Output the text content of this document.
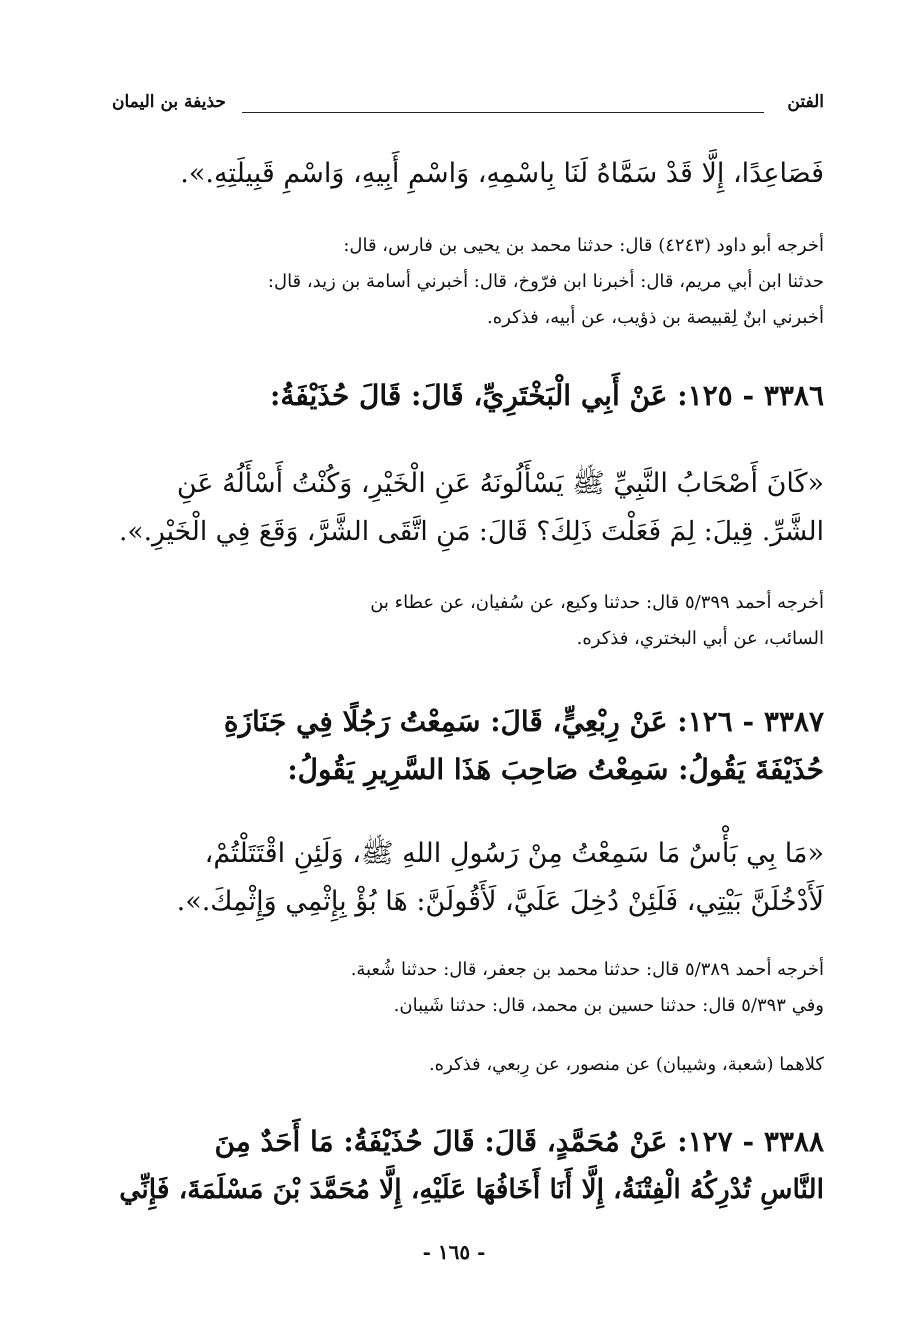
الفتن
حذيفة بن اليمان
فَصَاعِدًا، إِلَّا قَدْ سَمَّاهُ لَنَا بِاسْمِهِ، وَاسْمِ أَبِيهِ، وَاسْمِ قَبِيلَتِهِ.».
أخرجه أبو داود (٤٢٤٣) قال: حدثنا محمد بن يحيى بن فارس، قال:
حدثنا ابن أبي مريم، قال: أخبرنا ابن فرّوخ، قال: أخبرني أسامة بن زيد، قال:
أخبرني ابنٌ لِقبيصة بن ذؤيب، عن أبيه، فذكره.
٣٣٨٦ - ١٢٥: عَنْ أَبِي الْبَخْتَرِيِّ، قَالَ: قَالَ حُذَيْفَةُ:
«كَانَ أَصْحَابُ النَّبِيِّ ﷺ يَسْأَلُونَهُ عَنِ الْخَيْرِ، وَكُنْتُ أَسْأَلُهُ عَنِ
الشَّرِّ. قِيلَ: لِمَ فَعَلْتَ ذَلِكَ؟ قَالَ: مَنِ اتَّقَى الشَّرَّ، وَقَعَ فِي الْخَيْرِ.».
أخرجه أحمد ٥/٣٩٩ قال: حدثنا وكيع، عن سُفيان، عن عطاء بن
السائب، عن أبي البختري، فذكره.
٣٣٨٧ - ١٢٦: عَنْ رِبْعِيٍّ، قَالَ: سَمِعْتُ رَجُلًا فِي جَنَازَةِ
حُذَيْفَةَ يَقُولُ: سَمِعْتُ صَاحِبَ هَذَا السَّرِيرِ يَقُولُ:
«مَا بِي بَأْسٌ مَا سَمِعْتُ مِنْ رَسُولِ اللهِ ﷺ، وَلَئِنِ اقْتَتَلْتُمْ،
لَأَدْخُلَنَّ بَيْتِي، فَلَئِنْ دُخِلَ عَلَيَّ، لَأَقُولَنَّ: هَا بُؤْ بِإِثْمِي وَإِثْمِكَ.».
أخرجه أحمد ٥/٣٨٩ قال: حدثنا محمد بن جعفر، قال: حدثنا شُعبة.
وفي ٥/٣٩٣ قال: حدثنا حسين بن محمد، قال: حدثنا شَيبان.
كلاهما (شعبة، وشيبان) عن منصور، عن رِبعي، فذكره.
٣٣٨٨ - ١٢٧: عَنْ مُحَمَّدٍ، قَالَ: قَالَ حُذَيْفَةُ: مَا أَحَدٌ مِنَ
النَّاسِ تُدْرِكُهُ الْفِتْنَةُ، إِلَّا أَنَا أَخَافُهَا عَلَيْهِ، إِلَّا مُحَمَّدَ بْنَ مَسْلَمَةَ، فَإِنِّي
- ١٦٥ -
